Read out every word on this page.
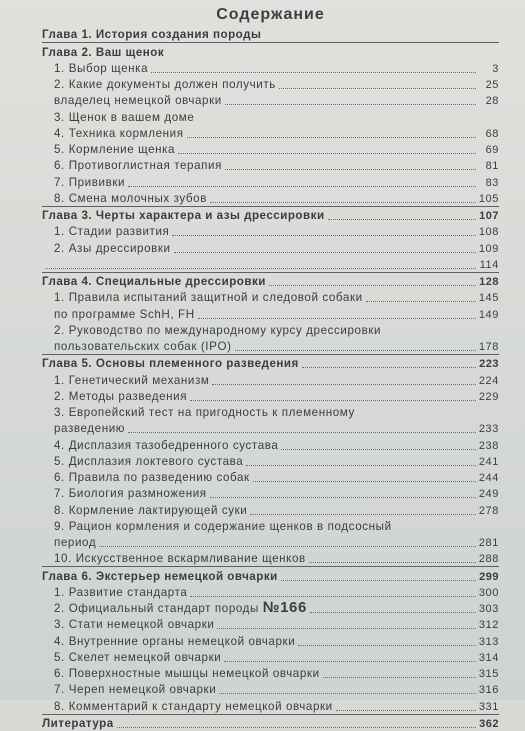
Содержание
Глава 1. История создания породы
Глава 2. Ваш щенок
1. Выбор щенка	3
2. Какие документы должен получить	25
владелец немецкой овчарки	28
3. Щенок в вашем доме
4. Техника кормления	68
5. Кормление щенка	69
6. Противоглистная терапия	81
7. Прививки	83
8. Смена молочных зубов	105
Глава 3. Черты характера и азы дрессировки	107
1. Стадии развития	108
2. Азы дрессировки	109
114
Глава 4. Специальные дрессировки	128
1. Правила испытаний защитной и следовой собаки	145
по программе SchH, FH	149
2. Руководство по международному курсу дрессировки
пользовательских собак (IPO)	178
Глава 5. Основы племенного разведения	223
1. Генетический механизм	224
2. Методы разведения	229
3. Европейский тест на пригодность к племенному
разведению	233
4. Дисплазия тазобедренного сустава	238
5. Дисплазия локтевого сустава	241
6. Правила по разведению собак	244
7. Биология размножения	249
8. Кормление лактирующей суки	278
9. Рацион кормления и содержание щенков в подсосный
период	281
10. Искусственное вскармливание щенков	288
Глава 6. Экстерьер немецкой овчарки	299
1. Развитие стандарта	300
2. Официальный стандарт породы №166	303
3. Стати немецкой овчарки	312
4. Внутренние органы немецкой овчарки	313
5. Скелет немецкой овчарки	314
6. Поверхностные мышцы немецкой овчарки	315
7. Череп немецкой овчарки	316
8. Комментарий к стандарту немецкой овчарки	331
Литература	362
